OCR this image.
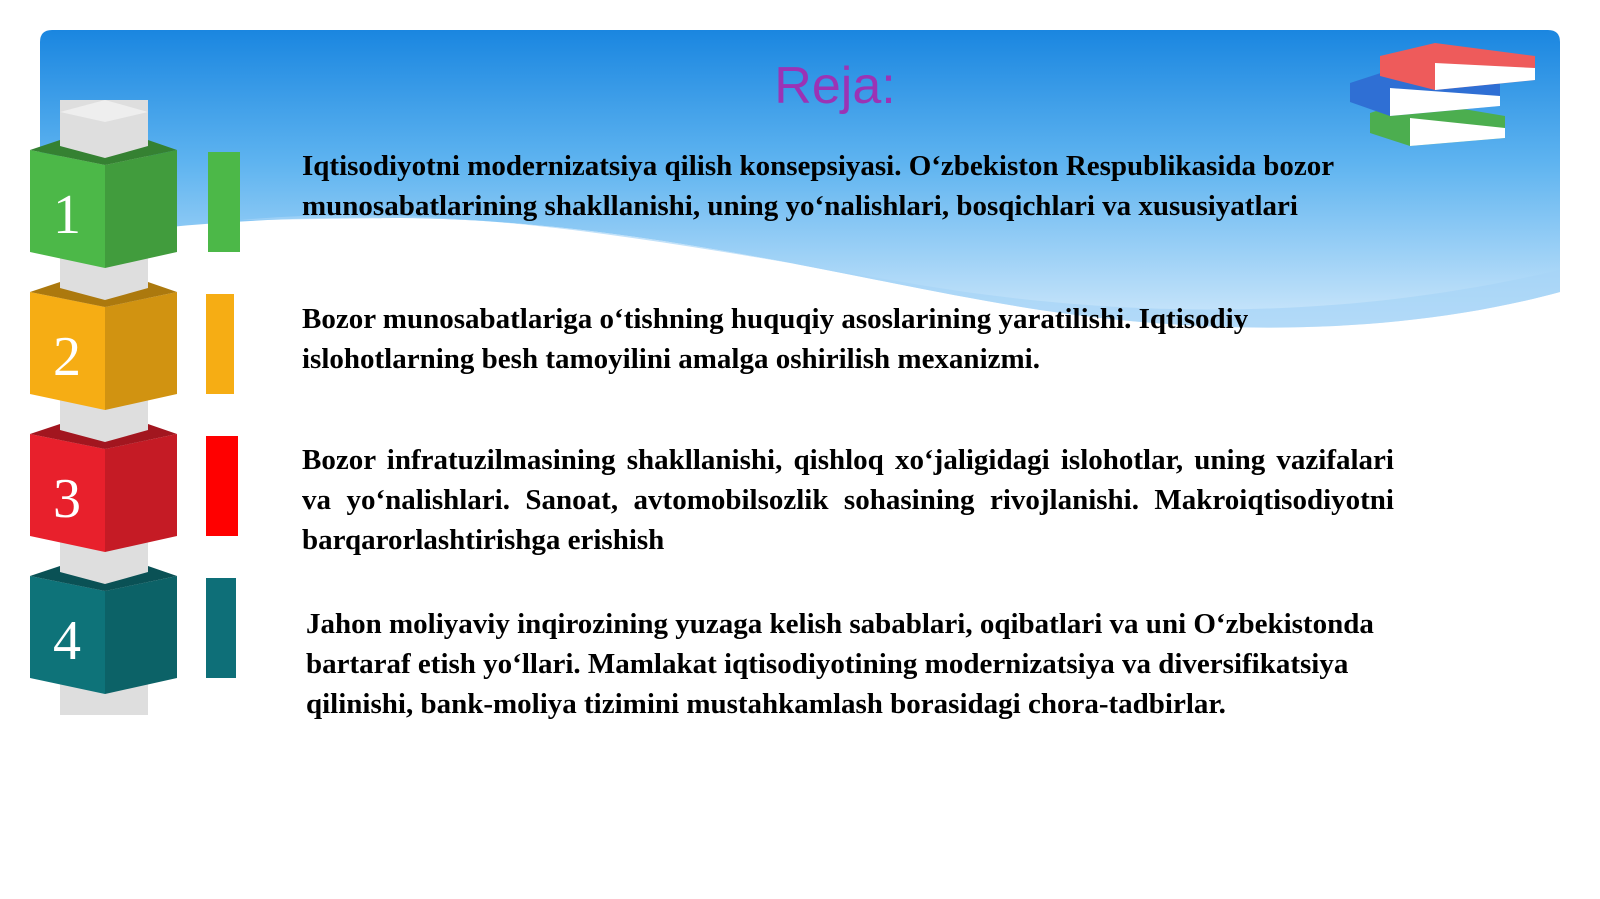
Reja:
1
2
3
4
Iqtisodiyotni modernizatsiya qilish konsepsiyasi. O‘zbekiston Respublikasida bozor munosabatlarining shakllanishi, uning yo‘nalishlari, bosqichlari va xususiyatlari
Bozor munosabatlariga o‘tishning huquqiy asoslarining yaratilishi. Iqtisodiy islohotlarning besh tamoyilini amalga oshirilish mexanizmi.
Bozor infratuzilmasining shakllanishi, qishloq xo‘jaligidagi islohotlar, uning vazifalari va yo‘nalishlari. Sanoat, avtomobilsozlik sohasining rivojlanishi. Makroiqtisodiyotni barqarorlashtirishga erishish
Jahon moliyaviy inqirozining yuzaga kelish sabablari, oqibatlari va uni O‘zbekistonda bartaraf etish yo‘llari. Mamlakat iqtisodiyotining modernizatsiya va diversifikatsiya qilinishi, bank-moliya tizimini mustahkamlash borasidagi chora-tadbirlar.
